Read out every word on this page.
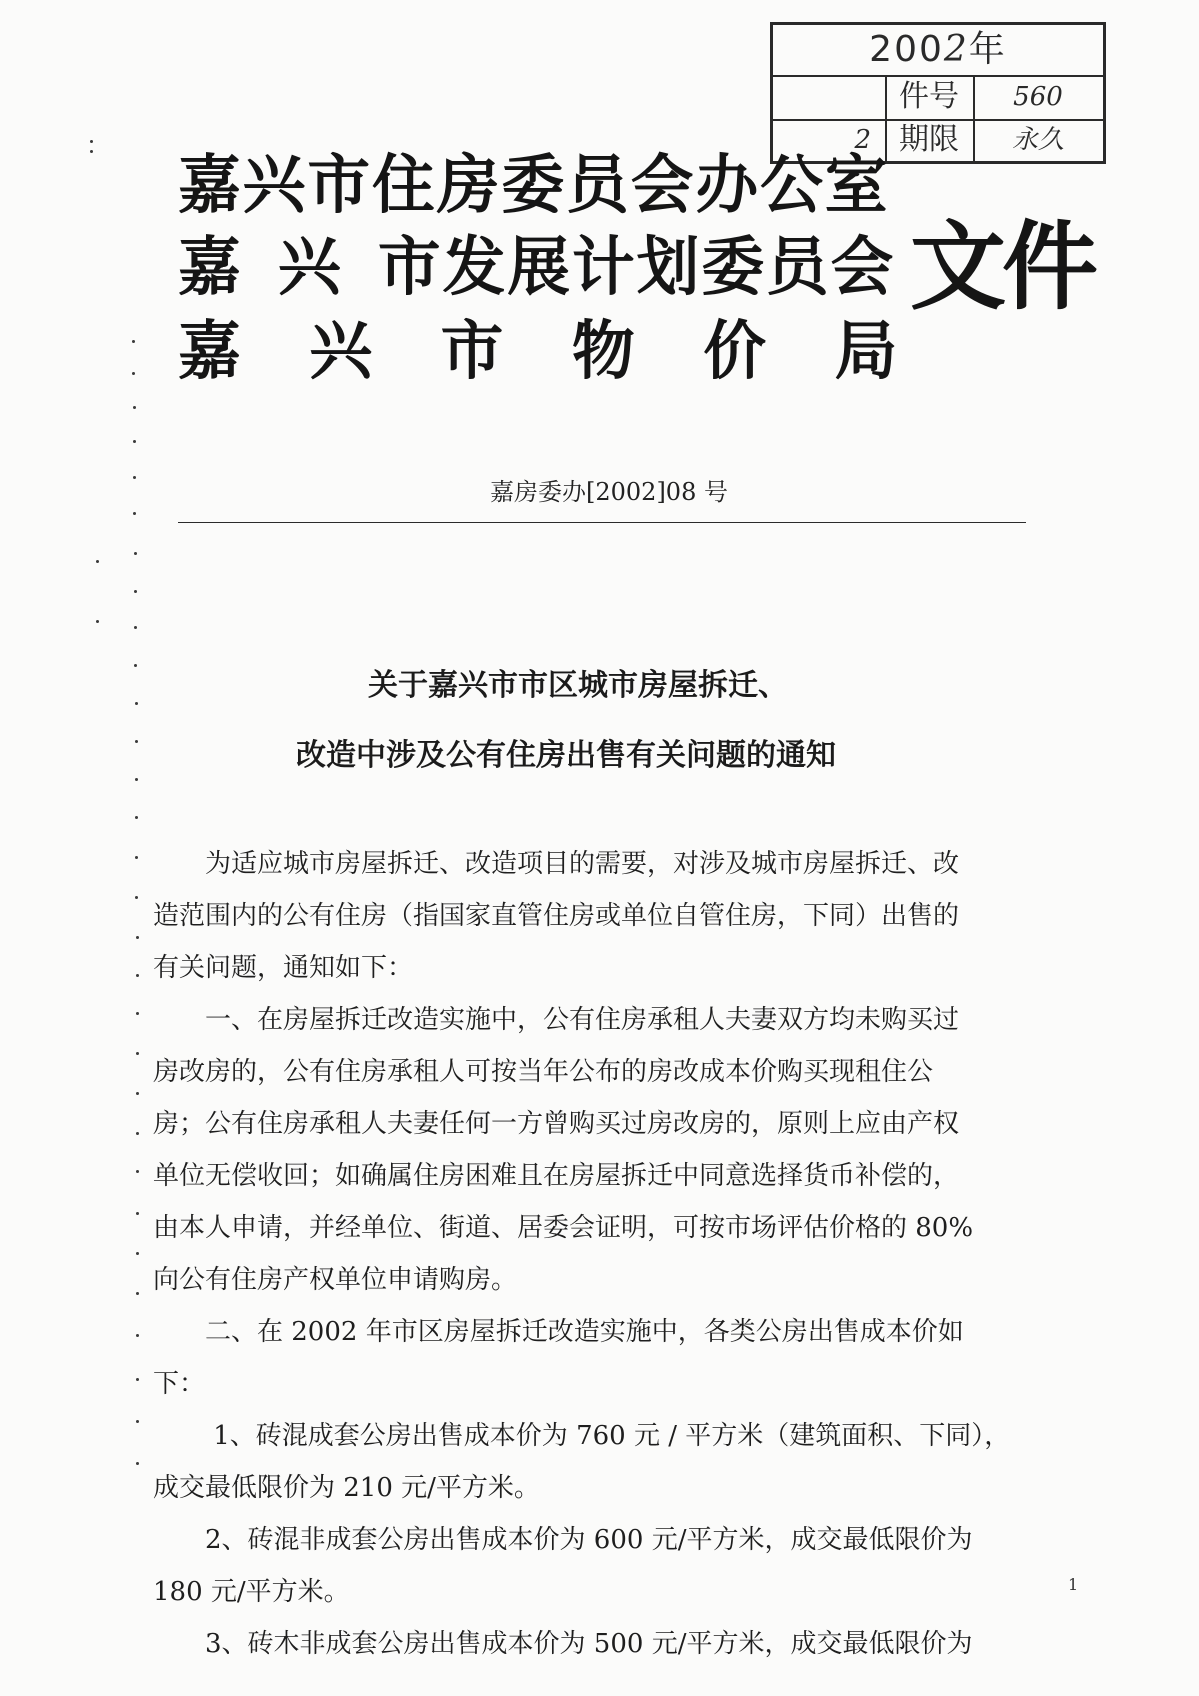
2002年
2
件号	560
期限	永久
嘉兴市住房委员会办公室
嘉 兴 市发展计划委员会
嘉 兴 市 物 价 局
文件
嘉房委办[2002]08 号
关于嘉兴市市区城市房屋拆迁、
改造中涉及公有住房出售有关问题的通知
　　为适应城市房屋拆迁、改造项目的需要，对涉及城市房屋拆迁、改
造范围内的公有住房（指国家直管住房或单位自管住房，下同）出售的
有关问题，通知如下：
　　一、在房屋拆迁改造实施中，公有住房承租人夫妻双方均未购买过
房改房的，公有住房承租人可按当年公布的房改成本价购买现租住公
房；公有住房承租人夫妻任何一方曾购买过房改房的，原则上应由产权
单位无偿收回；如确属住房困难且在房屋拆迁中同意选择货币补偿的，
由本人申请，并经单位、街道、居委会证明，可按市场评估价格的 80%
向公有住房产权单位申请购房。
　　二、在 2002 年市区房屋拆迁改造实施中，各类公房出售成本价如
下：
　　 1、砖混成套公房出售成本价为 760 元 / 平方米（建筑面积、下同），
成交最低限价为 210 元/平方米。
　　2、砖混非成套公房出售成本价为 600 元/平方米，成交最低限价为
180 元/平方米。
　　3、砖木非成套公房出售成本价为 500 元/平方米，成交最低限价为
1
